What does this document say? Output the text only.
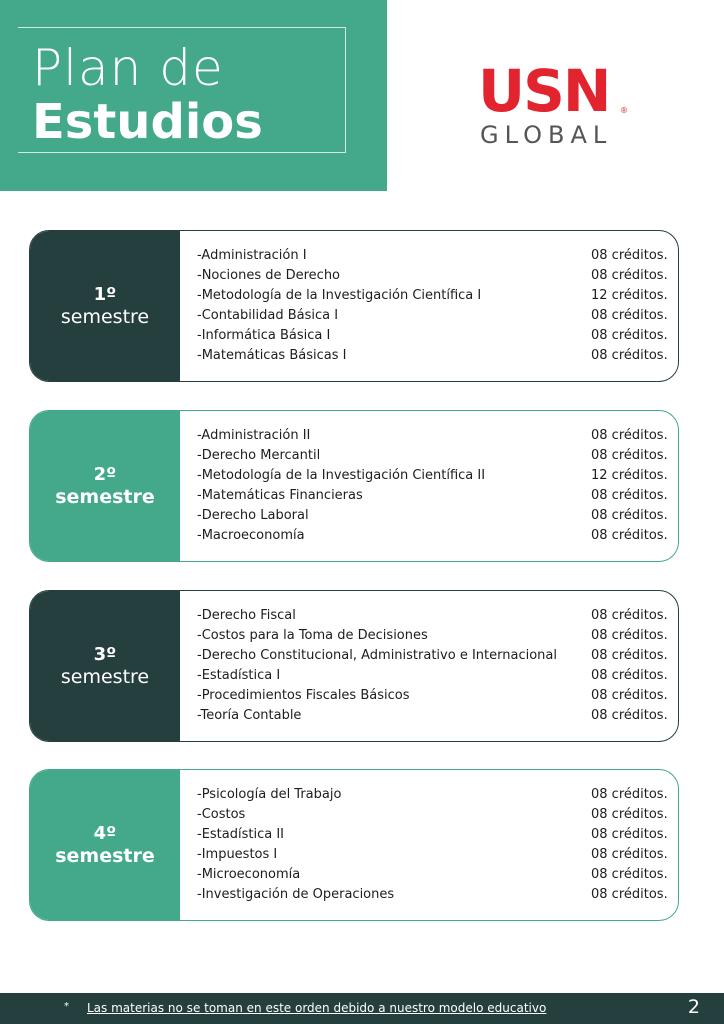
Plan de
Estudios	USN ®
GLOBAL
1º
semestre
-Administración I	08 créditos.
-Nociones de Derecho	08 créditos.
-Metodología de la Investigación Científica I	12 créditos.
-Contabilidad Básica I	08 créditos.
-Informática Básica I	08 créditos.
-Matemáticas Básicas I	08 créditos.
2º
semestre
-Administración II	08 créditos.
-Derecho Mercantil	08 créditos.
-Metodología de la Investigación Científica II	12 créditos.
-Matemáticas Financieras	08 créditos.
-Derecho Laboral	08 créditos.
-Macroeconomía	08 créditos.
3º
semestre
-Derecho Fiscal	08 créditos.
-Costos para la Toma de Decisiones	08 créditos.
-Derecho Constitucional, Administrativo e Internacional	08 créditos.
-Estadística I	08 créditos.
-Procedimientos Fiscales Básicos	08 créditos.
-Teoría Contable	08 créditos.
4º
semestre
-Psicología del Trabajo	08 créditos.
-Costos	08 créditos.
-Estadística II	08 créditos.
-Impuestos I	08 créditos.
-Microeconomía	08 créditos.
-Investigación de Operaciones	08 créditos.
* Las materias no se toman en este orden debido a nuestro modelo educativo	2
